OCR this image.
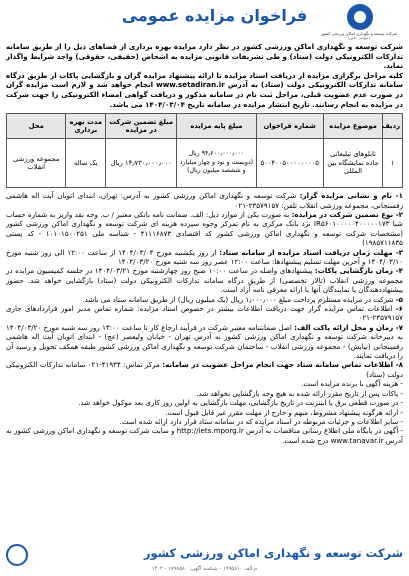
فراخوان مزایده عمومی
شرکت توسعه و نگهداری اماکن ورزشی کشور
(سهامی خاص)

شرکت توسعه و نگهداری اماکن ورزشی کشور در نظر دارد مزایده بهره برداری از فضاهای ذیل را از طریق سامانه تدارکات الکترونیکی دولت (ستاد) و طی تشریفات قانونی مزایده به اشخاص (حقیقی، حقوقی) واجد شرایط واگذار نماید.

کلیه مراحل برگزاری مزایده از دریافت اسناد مزایده تا ارائه پیشنهاد مزایده گران و بازگشایی پاکات از طریق درگاه سامانه تدارکات الکترونیکی دولت (ستاد) به آدرس www.setadiran.ir انجام خواهد شد و لازم است مزایده گران در صورت عدم عضویت قبلی، مراحل ثبت نام در سامانه مذکور و دریافت گواهی امضاء الکترونیکی را جهت شرکت در مزایده به انجام رسانند. تاریخ انتشار مزایده در سامانه تاریخ ۱۴۰۴/۰۳/۰۴ می باشد.

ردیف	موضوع مزایده	شماره فراخوان	مبلغ پایه مزایده	مبلغ تضمین شرکت در مزایده	مدت بهره برداری	محل
۱	تابلوهای تبلیغاتی جاده نمایشگاه بین المللی	۵۰۰۴۰۰۵۰۰۰۰۰۰۰۰۵	۹۴٫۶۰۰٫۰۰۰٫۰۰۰ ریال (دویست و نود و چهار میلیارد و ششصد میلیون ریال)	۱۴٫۷۳۰٫۰۰۰٫۰۰۰ ریال	یک ساله	مجموعه ورزشی انقلاب

۱- نام و نشانی مزایده گزار: شرکت توسعه و نگهداری اماکن ورزشی کشور به آدرس: تهران، ابتدای اتوبان آیت اله هاشمی رفسنجانی، مجموعه ورزشی انقلاب تلفن: ۲۳۵۷۹۱۵۷-۰۲۱

۲- نوع تضمین شرکت در مزایده: به صورت یکی از موارد ذیل: الف. ضمانت نامه بانکی معتبر / ب. وجه نقد واریز به شماره حساب شبا IR۵۶۰۱۰۰۰۰۰۴۰۰۰۰۰۱۷۳ نزد بانک مرکزی به نام تمرکز وجوه سپرده هزینه ای شرکت توسعه و نگهداری اماکن ورزشی کشور (مشخصات شرکت توسعه و نگهداری اماکن ورزشی کشور کد اقتصادی ۴۱۱۱۶۸۷۳ - شناسه ملی ۱۰۱۰۱۵۰۰۲۵۱ - کد پستی ۱۹۸۵۷۱۱۸۳۵)

۳- مهلت زمان دریافت اسناد مزایده از سامانه ستاد: از روز یکشنبه مورخ ۱۴۰۴/۰۳/۰۴ از ساعت ۱۲:۰۰ الی روز شنبه مورخ ۱۴۰۴/۰۳/۱۰ و آخرین مهلت تسلیم پیشنهادها: ساعت ۱۲:۰۰ عصر روز سه شنبه مورخ ۱۴۰۴/۰۳/۲۰

۴- زمان بازگشایی پاکات: پیشنهادهای واصله در ساعت ۱۰:۰۰ صبح روز چهارشنبه مورخ ۱۴۰۴/۰۳/۲۱ در جلسه کمیسیون مزایده در مجموعه ورزشی انقلاب (تالار تخصصی) از طریق درگاه سامانه تدارکات الکترونیکی دولت (ستاد) بازگشایی خواهد شد. حضور پیشنهاددهندگان یا نمایندگان آنها با ارائه معرفی نامه آزاد است.

۵- شرکت در مزایده مستلزم پرداخت مبلغ ۱٫۰۰۰٫۰۰۰ ریال (یک میلیون ریال) از طریق سامانه ستاد می باشد.

۶- اطلاعات تماس مزایده گزار جهت دریافت اطلاعات بیشتر در خصوص اسناد مزایده: شماره تماس مدیر امور قراردادهای جاری ۲۳۵۷۹۱۵۷-۰۲۱

۷- زمان و محل ارائه پاکت الف: اصل ضمانتنامه معتبر شرکت در فرآیند ارجاع کار تا ساعت ۱۳:۰۰ روز سه شنبه مورخ ۱۴۰۴/۰۳/۲۰ به دبیرخانه شرکت توسعه و نگهداری اماکن ورزشی کشور به آدرس تهران - خیابان ولیعصر (عج) - ابتدای اتوبان آیت اله هاشمی رفسنجانی (نیایش) - مجموعه ورزشی انقلاب - ساختمان شرکت توسعه و نگهداری اماکن ورزشی کشور طبقه همکف تحویل و رسید آن را دریافت نمایند.

۸- اطلاعات تماس سامانه ستاد جهت انجام مراحل عضویت در سامانه: مرکز تماس: ۴۱۹۳۴-۰۲۱ سامانه تدارکات الکترونیکی دولت (ستاد)

- هزینه آگهی با برنده مزایده است.

- پاکات پس از تاریخ مقرر ارائه شده به هیچ وجه بازگشایی نخواهد شد.

- در صورت قطعی برق یا اینترنت در تاریخ بازگشایی، مهلت بازگشایی به اولین روز کاری بعد موکول خواهد شد.

- ارائه هرگونه پیشنهاد مشروط، مبهم و خارج از مهلت مقرر غیر قابل قبول است.

- سایر اطلاعات و جزئیات مربوطه در اسناد مزایده که در سامانه ستاد قرار دارد ارائه شده است.

- آگهی در پایگاه ملی اطلاع رسانی مناقصات به آدرس http://iets.mporg.ir و سایت شرکت توسعه و نگهداری اماکن ورزشی کشور به آدرس www.tanavar.ir درج شده است.

شرکت توسعه و نگهداری اماکن ورزشی کشور
م الف ۱۹۹۵۸۱۰ - شناسه آگهی: ۱۷۹۸۵۸۰ - ۱۴۰۴
